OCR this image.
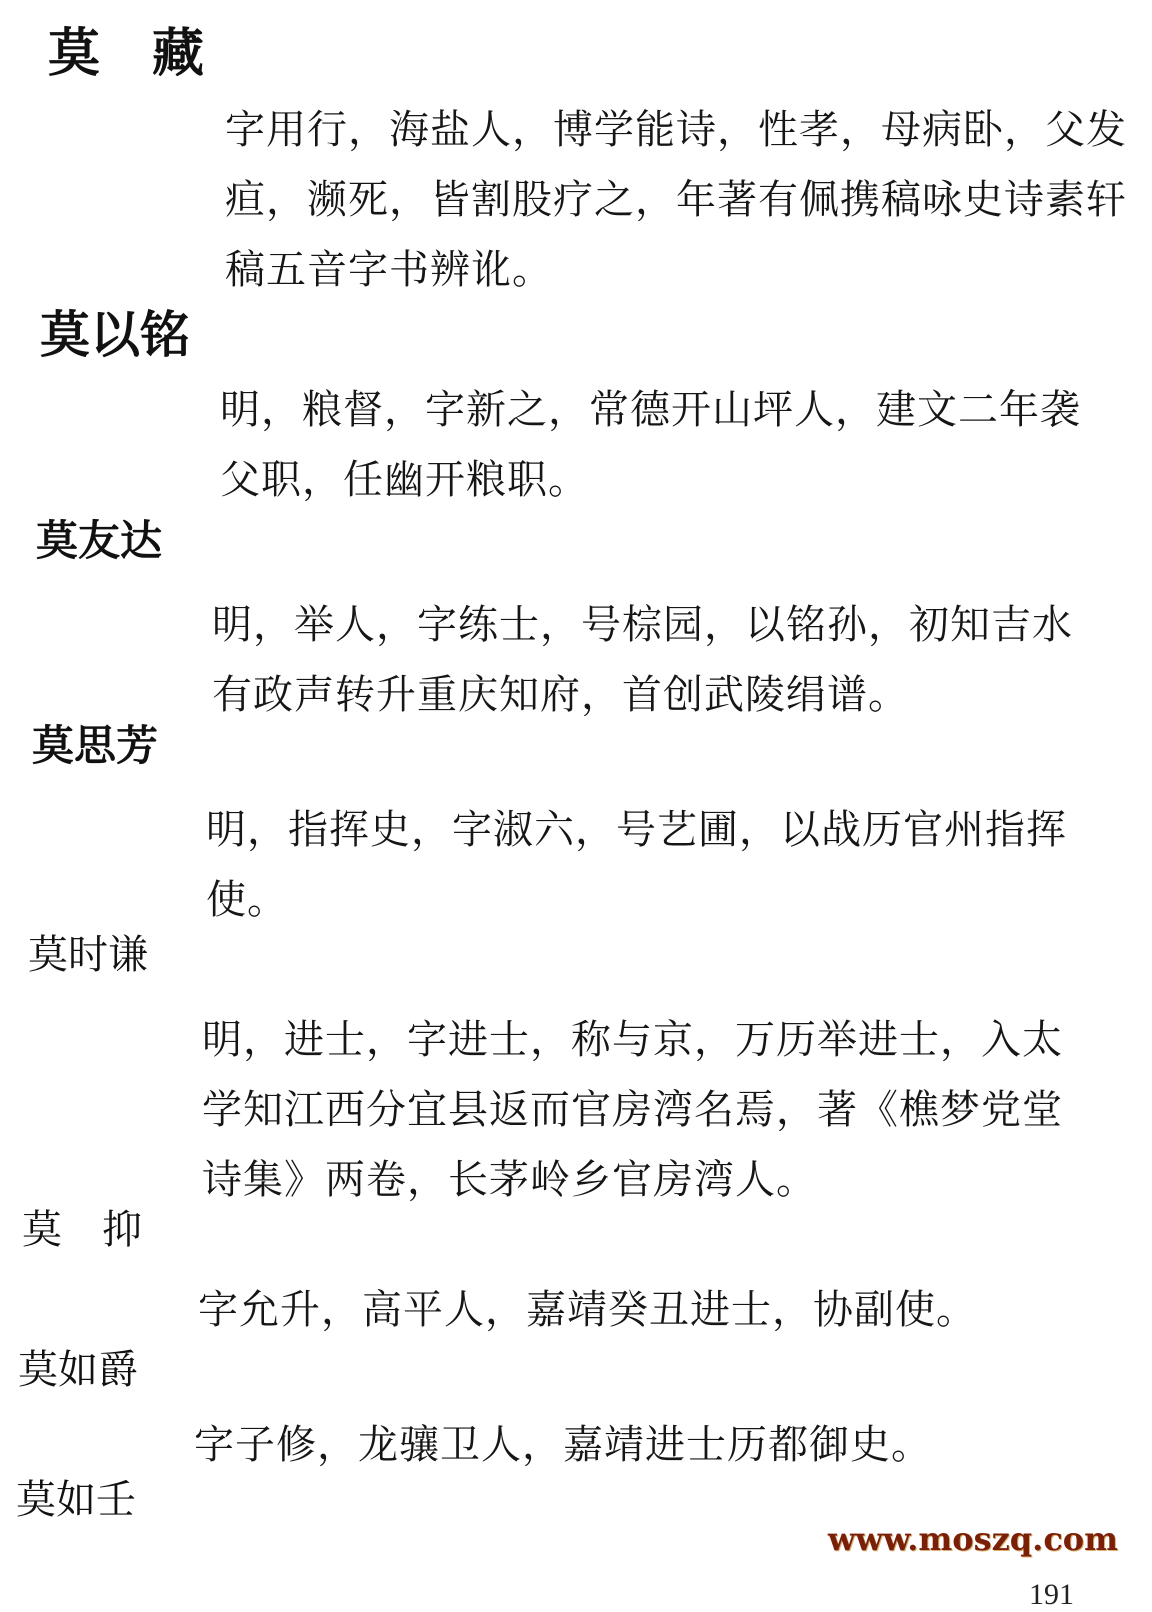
莫　藏

字用行，海盐人，博学能诗，性孝，母病卧，父发疸，濒死，皆割股疗之，年著有佩携稿咏史诗素轩稿五音字书辨讹。

莫以铭

明，粮督，字新之，常德开山坪人，建文二年袭父职，任幽开粮职。

莫友达

明，举人，字练士，号棕园，以铭孙，初知吉水有政声转升重庆知府，首创武陵绢谱。

莫思芳

明，指挥史，字淑六，号艺圃，以战历官州指挥使。

莫时谦

明，进士，字进士，称与京，万历举进士，入太学知江西分宜县返而官房湾名焉，著《樵梦党堂诗集》两卷，长茅岭乡官房湾人。

莫　抑

字允升，高平人，嘉靖癸丑进士，协副使。

莫如爵

字子修，龙骧卫人，嘉靖进士历都御史。

莫如壬
www.moszq.com
191
